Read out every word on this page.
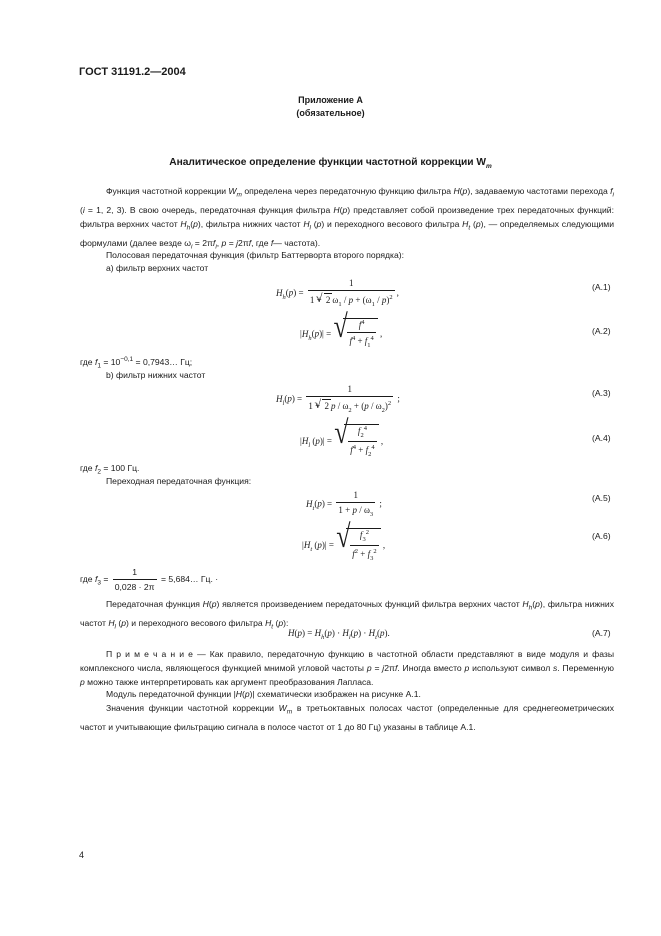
ГОСТ 31191.2—2004
Приложение А
(обязательное)
Аналитическое определение функции частотной коррекции $W_m$
Функция частотной коррекции $W_m$ определена через передаточную функцию фильтра H(p), задаваемую частотами перехода $f_i$ (i = 1, 2, 3). В свою очередь, передаточная функция фильтра H(p) представляет собой произведение трех передаточных функций: фильтра верхних частот $H_h(p)$, фильтра нижних частот $H_l$ (p) и переходного весового фильтра $H_t$ (p), — определяемых следующими формулами (далее везде $\omega_i = 2\pi f_i$, p = j2πf, где f— частота).
Полосовая передаточная функция (фильтр Баттерворта второго порядка):
а) фильтр верхних частот
$H_h(p) = \frac{1}{1 + √ 2 \omega_1 / p + (\omega_1 / p)^2}$ ,
(A.1)
$|H_h(p)|$ = √ $\frac{f^4}{f^4 + f_1^4}$ ,	(A.2)
где $f_1 = 10^{-0,1}$ = 0,7943… Гц;
b) фильтр нижних частот
$H_l(p) = \frac{1}{1 + √ 2 p / \omega_2 + (p / \omega_2)^2}$ ;
(A.3)
$|H_l$ (p)| = √ $\frac{f_2^4}{f^4 + f_2^4}$ ,	(A.4)
где $f_2 = 100$ Гц.
Переходная передаточная функция:
$H_t(p) = \frac{1}{1 + p / \omega_3}$ ;
(A.5)
$|H_t$ (p)| = √ $\frac{f_3^2}{f^2 + f_3^2}$ ,
(A.6)
где $f_3 = \frac{1}{0,028 \cdot 2\pi}$ = 5,684… Гц. ·
Передаточная функция H(p) является произведением передаточных функций фильтра верхних частот $H_h(p)$, фильтра нижних частот $H_l$ (p) и переходного весового фильтра $H_t$ (p):
$H(p) = H_h(p) \cdot H_l(p) \cdot H_t(p)$.	(A.7)
П р и м е ч а н и е — Как правило, передаточную функцию в частотной области представляют в виде модуля и фазы комплексного числа, являющегося функцией мнимой угловой частоты p = j2πf. Иногда вместо p используют символ s. Переменную p можно также интерпретировать как аргумент преобразования Лапласа.
Модуль передаточной функции |H(p)| схематически изображен на рисунке А.1.
Значения функции частотной коррекции $W_m$ в третьоктавных полосах частот (определенные для среднегеометрических частот и учитывающие фильтрацию сигнала в полосе частот от 1 до 80 Гц) указаны в таблице А.1.
4
